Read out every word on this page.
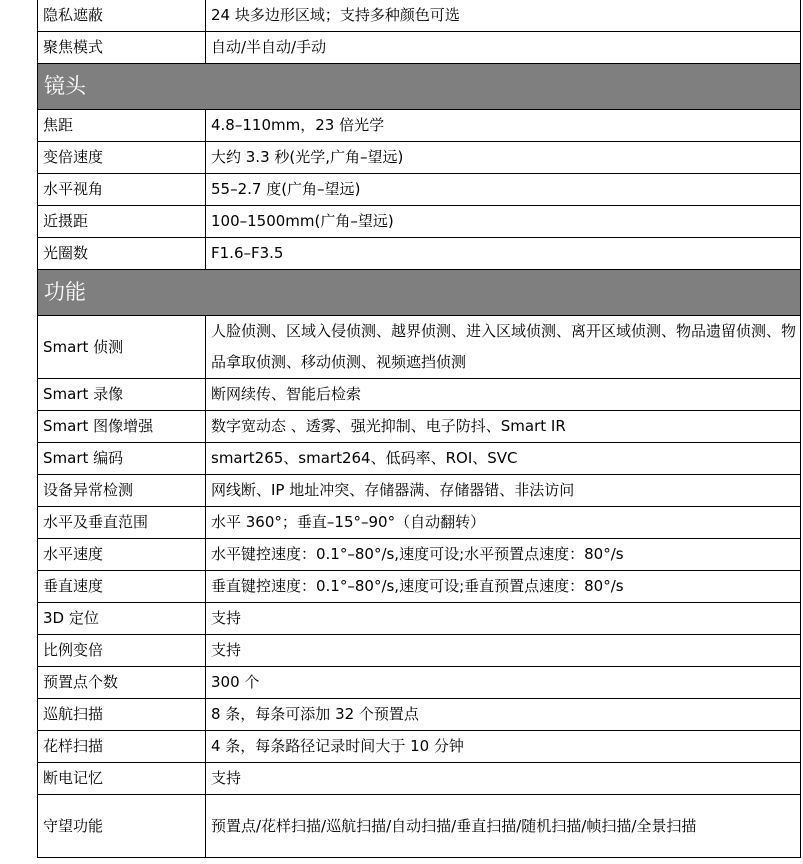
隐私遮蔽	24 块多边形区域；支持多种颜色可选
聚焦模式	自动/半自动/手动
镜头	
焦距	4.8–110mm，23 倍光学
变倍速度	大约 3.3 秒(光学,广角–望远)
水平视角	55–2.7 度(广角–望远)
近摄距	100–1500mm(广角–望远)
光圈数	F1.6–F3.5
功能	
Smart 侦测	人脸侦测、区域入侵侦测、越界侦测、进入区域侦测、离开区域侦测、物品遗留侦测、物品拿取侦测、移动侦测、视频遮挡侦测
Smart 录像	断网续传、智能后检索
Smart 图像增强	数字宽动态 、透雾、强光抑制、电子防抖、Smart IR
Smart 编码	smart265、smart264、低码率、ROI、SVC
设备异常检测	网线断、IP 地址冲突、存储器满、存储器错、非法访问
水平及垂直范围	水平 360°；垂直–15°–90°（自动翻转）
水平速度	水平键控速度：0.1°–80°/s,速度可设;水平预置点速度：80°/s
垂直速度	垂直键控速度：0.1°–80°/s,速度可设;垂直预置点速度：80°/s
3D 定位	支持
比例变倍	支持
预置点个数	300 个
巡航扫描	8 条，每条可添加 32 个预置点
花样扫描	4 条，每条路径记录时间大于 10 分钟
断电记忆	支持
守望功能	预置点/花样扫描/巡航扫描/自动扫描/垂直扫描/随机扫描/帧扫描/全景扫描
